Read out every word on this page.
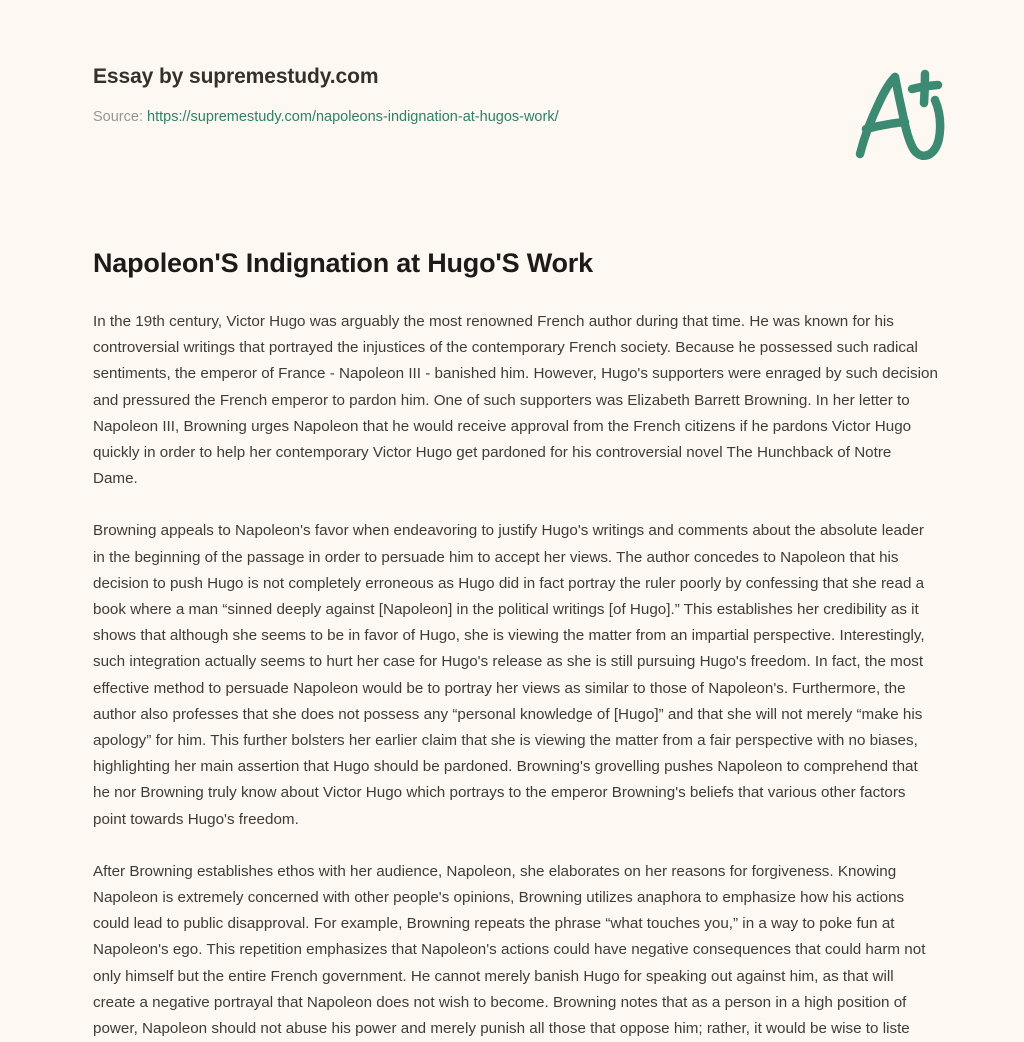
Essay by supremestudy.com
Source: https://supremestudy.com/napoleons-indignation-at-hugos-work/
Napoleon'S Indignation at Hugo'S Work

In the 19th century, Victor Hugo was arguably the most renowned French author during that time. He was known for his controversial writings that portrayed the injustices of the contemporary French society. Because he possessed such radical sentiments, the emperor of France - Napoleon III - banished him. However, Hugo's supporters were enraged by such decision and pressured the French emperor to pardon him. One of such supporters was Elizabeth Barrett Browning. In her letter to Napoleon III, Browning urges Napoleon that he would receive approval from the French citizens if he pardons Victor Hugo quickly in order to help her contemporary Victor Hugo get pardoned for his controversial novel The Hunchback of Notre Dame.

Browning appeals to Napoleon's favor when endeavoring to justify Hugo's writings and comments about the absolute leader in the beginning of the passage in order to persuade him to accept her views. The author concedes to Napoleon that his decision to push Hugo is not completely erroneous as Hugo did in fact portray the ruler poorly by confessing that she read a book where a man “sinned deeply against [Napoleon] in the political writings [of Hugo].” This establishes her credibility as it shows that although she seems to be in favor of Hugo, she is viewing the matter from an impartial perspective. Interestingly, such integration actually seems to hurt her case for Hugo's release as she is still pursuing Hugo's freedom. In fact, the most effective method to persuade Napoleon would be to portray her views as similar to those of Napoleon's. Furthermore, the author also professes that she does not possess any “personal knowledge of [Hugo]” and that she will not merely “make his apology” for him. This further bolsters her earlier claim that she is viewing the matter from a fair perspective with no biases, highlighting her main assertion that Hugo should be pardoned. Browning's grovelling pushes Napoleon to comprehend that he nor Browning truly know about Victor Hugo which portrays to the emperor Browning's beliefs that various other factors point towards Hugo's freedom.

After Browning establishes ethos with her audience, Napoleon, she elaborates on her reasons for forgiveness. Knowing Napoleon is extremely concerned with other people's opinions, Browning utilizes anaphora to emphasize how his actions could lead to public disapproval. For example, Browning repeats the phrase “what touches you,” in a way to poke fun at Napoleon's ego. This repetition emphasizes that Napoleon's actions could have negative consequences that could harm not only himself but the entire French government. He cannot merely banish Hugo for speaking out against him, as that will create a negative portrayal that Napoleon does not wish to become. Browning notes that as a person in a high position of power, Napoleon should not abuse his power and merely punish all those that oppose him; rather, it would be wise to liste
